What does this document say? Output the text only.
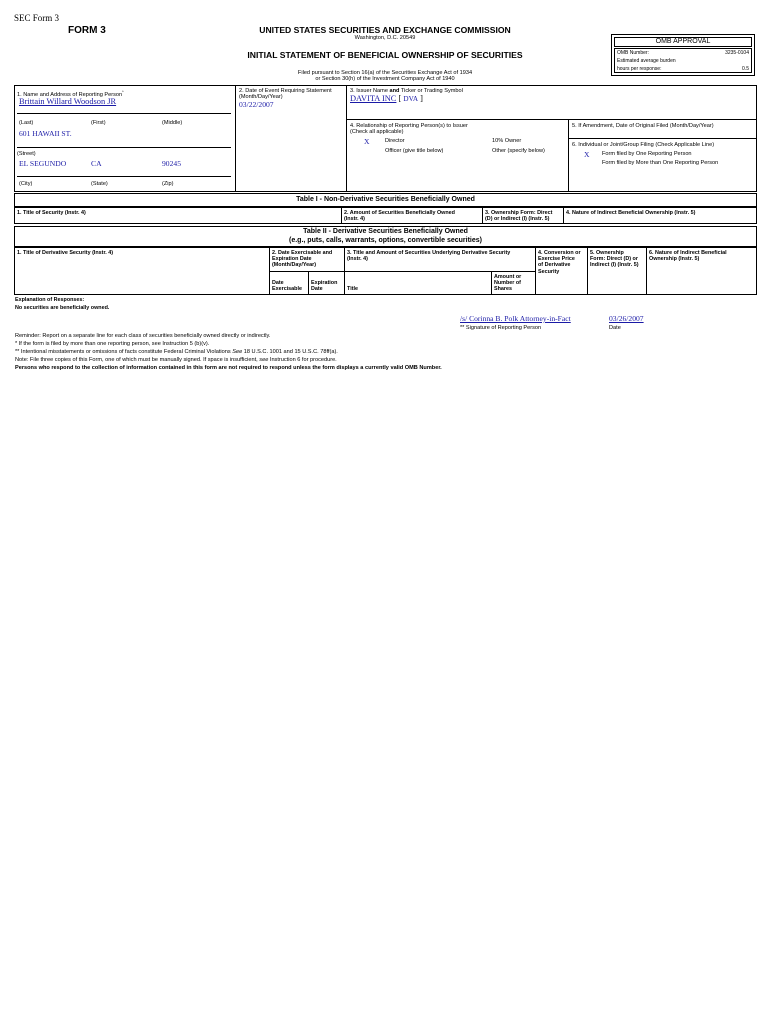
SEC Form 3
FORM 3	UNITED STATES SECURITIES AND EXCHANGE COMMISSION
Washington, D.C. 20549
INITIAL STATEMENT OF BENEFICIAL OWNERSHIP OF SECURITIES
Filed pursuant to Section 16(a) of the Securities Exchange Act of 1934
or Section 30(h) of the Investment Company Act of 1940
OMB APPROVAL
OMB Number:	3235-0104
Estimated average burden
hours per response:	0.5
1. Name and Address of Reporting Person*
Brittain Willard Woodson JR
(Last)	(First)	(Middle)
601 HAWAII ST.
(Street)
EL SEGUNDO	CA	90245
(City)	(State)	(Zip)
2. Date of Event Requiring Statement
(Month/Day/Year)
03/22/2007
3. Issuer Name and Ticker or Trading Symbol
DAVITA INC [ DVA ]
4. Relationship of Reporting Person(s) to Issuer
(Check all applicable)
X	Director	10% Owner
Officer (give title below)	Other (specify below)
5. If Amendment, Date of Original Filed (Month/Day/Year)
6. Individual or Joint/Group Filing (Check Applicable Line)
X Form filed by One Reporting Person
Form filed by More than One Reporting Person
Table I - Non-Derivative Securities Beneficially Owned
1. Title of Security (Instr. 4)	2. Amount of Securities Beneficially Owned
(Instr. 4)
3. Ownership Form: Direct
(D) or Indirect (I) (Instr. 5)
4. Nature of Indirect Beneficial Ownership (Instr. 5)
Table II - Derivative Securities Beneficially Owned
(e.g., puts, calls, warrants, options, convertible securities)
1. Title of Derivative Security (Instr. 4)	2. Date Exercisable and
Expiration Date
(Month/Day/Year)
3. Title and Amount of Securities Underlying Derivative Security
(Instr. 4)
4. Conversion or
Exercise Price
of Derivative
Security
5. Ownership
Form: Direct (D) or
Indirect (I) (Instr. 5)
6. Nature of Indirect Beneficial
Ownership (Instr. 5)
Date
Exercisable
Expiration
Date	Title
Amount or
Number of
Shares
Explanation of Responses:
No securities are beneficially owned.
/s/ Corinna B. Polk Attorney-in-Fact	03/26/2007
** Signature of Reporting Person	Date
Reminder: Report on a separate line for each class of securities beneficially owned directly or indirectly.
* If the form is filed by more than one reporting person, see Instruction 5 (b)(v).
** Intentional misstatements or omissions of facts constitute Federal Criminal Violations See 18 U.S.C. 1001 and 15 U.S.C. 78ff(a).
Note: File three copies of this Form, one of which must be manually signed. If space is insufficient, see Instruction 6 for procedure.
Persons who respond to the collection of information contained in this form are not required to respond unless the form displays a currently valid OMB Number.
